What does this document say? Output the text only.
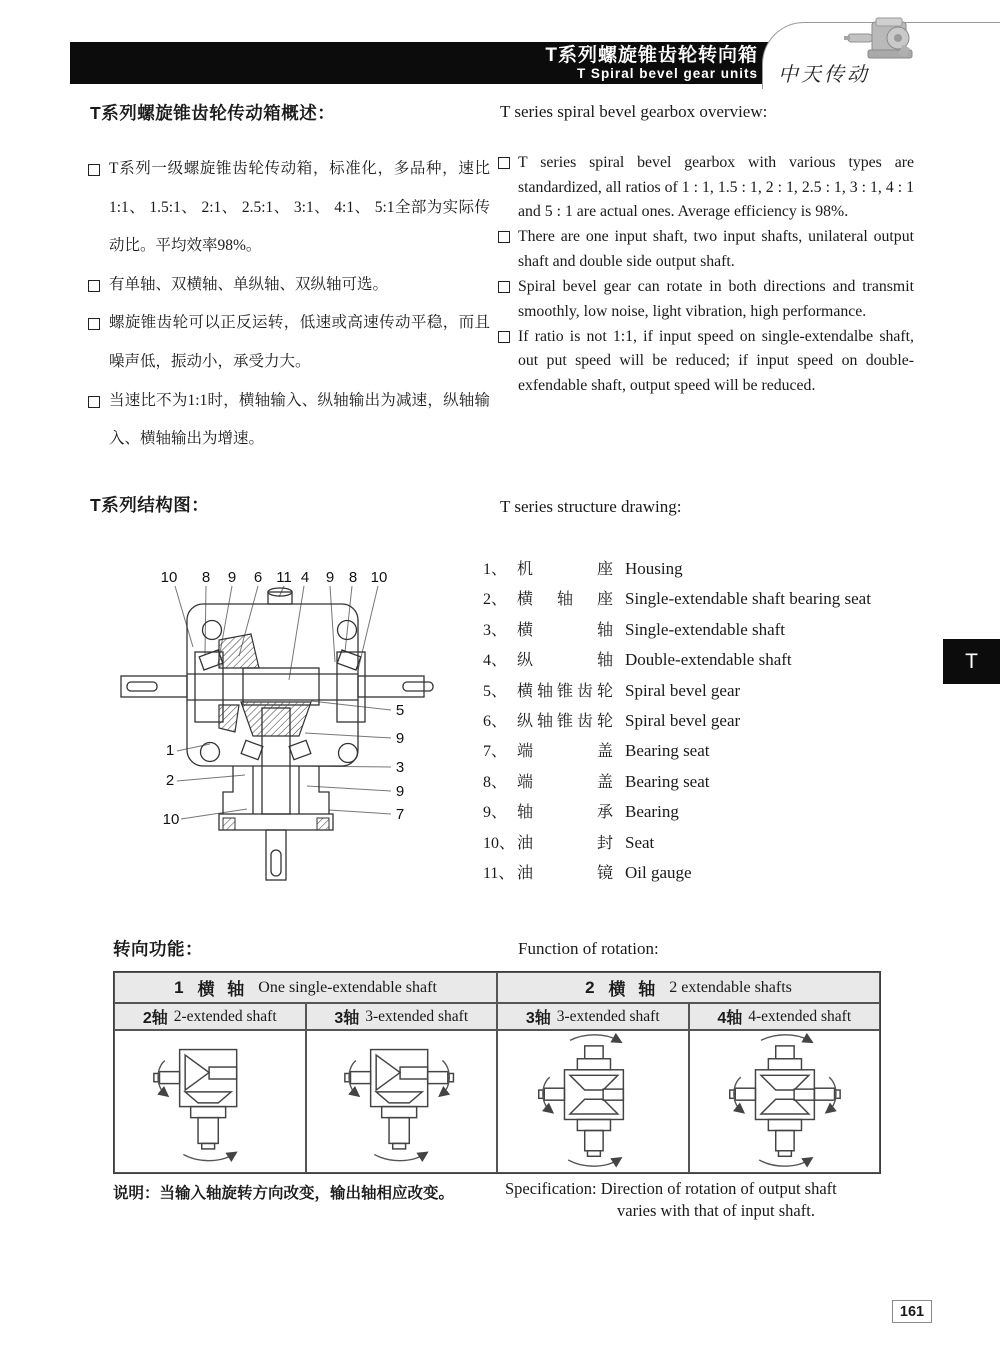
T系列螺旋锥齿轮转向箱
T Spiral bevel gear units 中天传动
T系列螺旋锥齿轮传动箱概述：	T series spiral bevel gearbox overview:

T系列一级螺旋锥齿轮传动箱，标准化，多品种，速比1:1、 1.5:1、 2:1、 2.5:1、 3:1、 4:1、 5:1全部为实际传动比。平均效率98%。

有单轴、双横轴、单纵轴、双纵轴可选。

螺旋锥齿轮可以正反运转，低速或高速传动平稳，而且噪声低，振动小，承受力大。

当速比不为1:1时，横轴输入、纵轴输出为减速，纵轴输入、横轴输出为增速。

T series spiral bevel gearbox with various types are standardized, all ratios of 1 : 1, 1.5 : 1, 2 : 1, 2.5 : 1, 3 : 1, 4 : 1 and 5 : 1 are actual ones. Average efficiency is 98%.

There are one input shaft, two input shafts, unilateral output shaft and double side output shaft.

Spiral bevel gear can rotate in both directions and transmit smoothly, low noise, light vibration, high performance.

If ratio is not 1:1, if input speed on single-extendalbe shaft, out put speed will be reduced; if input speed on double-exfendable shaft, output speed will be reduced.

T系列结构图：	T series structure drawing:
10 8 9 6 11 4 9 8 10
1
2
10
5
9
3
9
7
1、 机座 Housing
2、 横轴座 Single-extendable shaft bearing seat
3、 横轴 Single-extendable shaft
4、 纵轴 Double-extendable shaft
5、 横轴锥齿轮 Spiral bevel gear
6、 纵轴锥齿轮 Spiral bevel gear
7、 端盖 Bearing seat
8、 端盖 Bearing seat
9、 轴承 Bearing
10、 油封 Seat
11、 油镜 Oil gauge
转向功能：	Function of rotation:
1 横 轴 One single-extendable shaft	2 横 轴 2 extendable shafts
2轴 2-extended shaft	3轴 3-extended shaft	3轴 3-extended shaft	4轴 4-extended shaft
说明：当输入轴旋转方向改变，输出轴相应改变。	Specification: Direction of rotation of output shaft
varies with that of input shaft.
T
161
